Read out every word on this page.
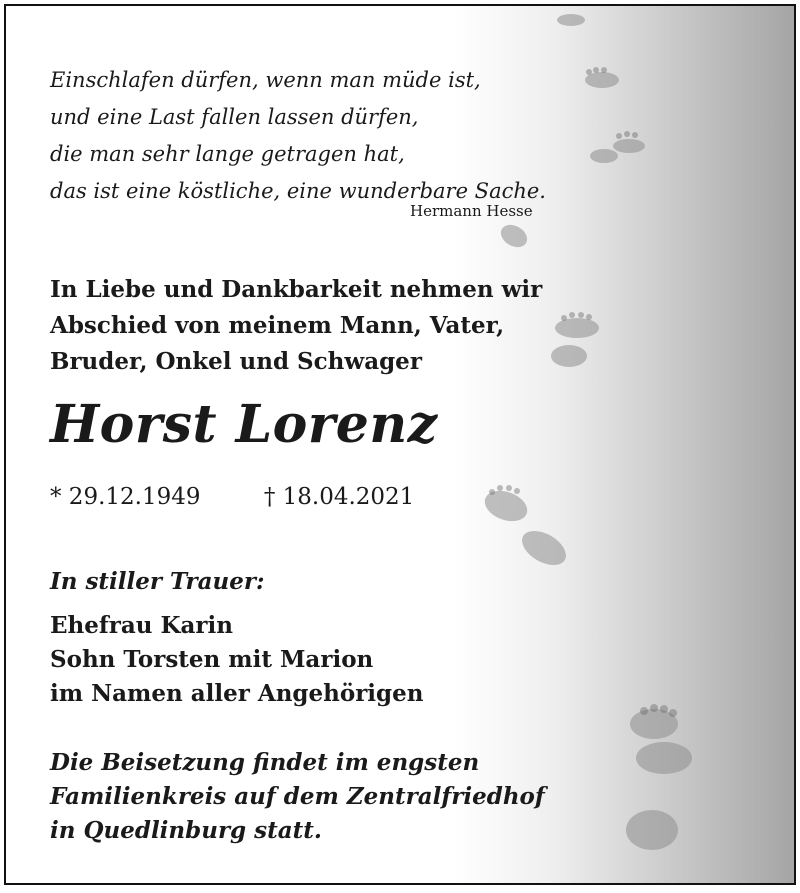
Einschlafen dürfen, wenn man müde ist,
und eine Last fallen lassen dürfen,
die man sehr lange getragen hat,
das ist eine köstliche, eine wunderbare Sache.
Hermann Hesse
In Liebe und Dankbarkeit nehmen wir
Abschied von meinem Mann, Vater,
Bruder, Onkel und Schwager
Horst Lorenz
* 29.12.1949	† 18.04.2021
In stiller Trauer:
Ehefrau Karin
Sohn Torsten mit Marion
im Namen aller Angehörigen
Die Beisetzung findet im engsten
Familienkreis auf dem Zentralfriedhof
in Quedlinburg statt.
